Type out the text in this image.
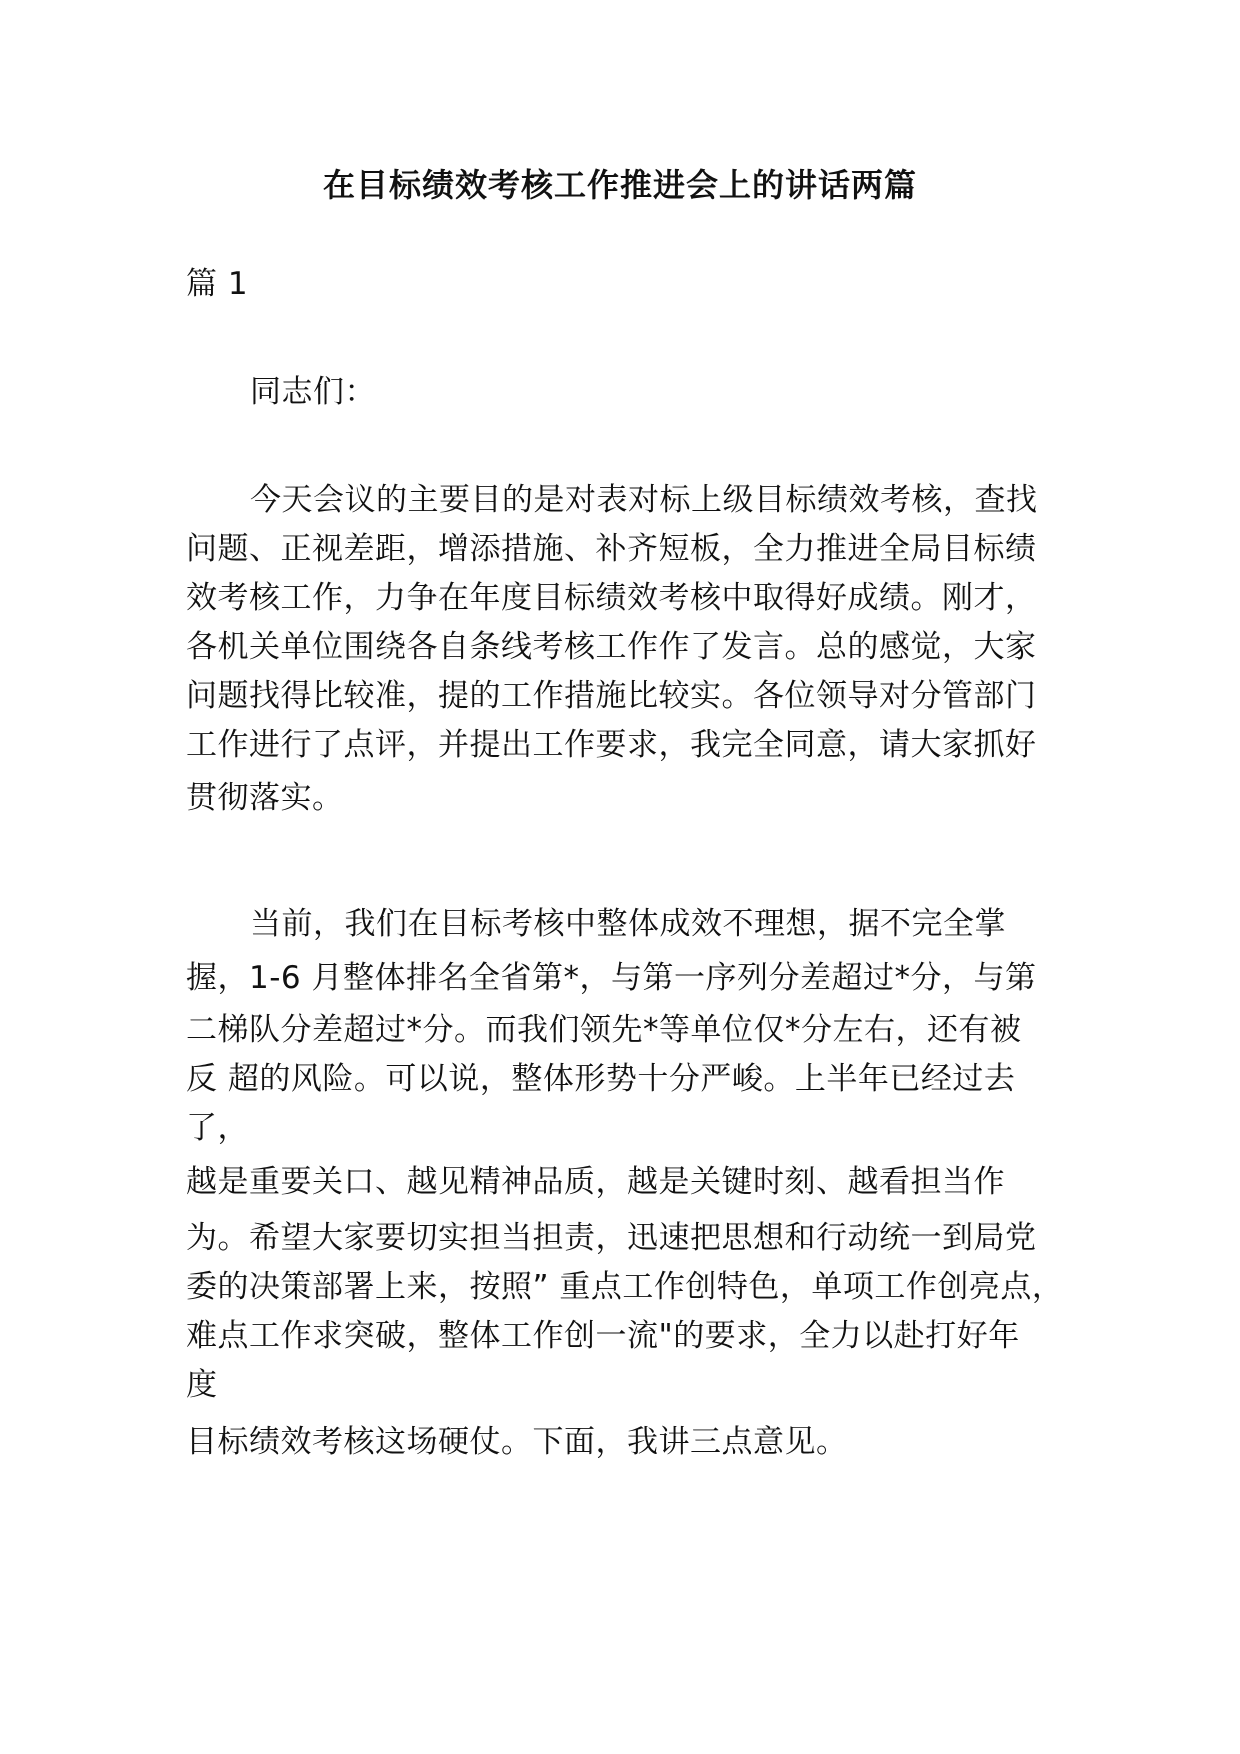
在目标绩效考核工作推进会上的讲话两篇
篇 1
同志们：
今天会议的主要目的是对表对标上级目标绩效考核，查找
问题、正视差距，增添措施、补齐短板，全力推进全局目标绩
效考核工作，力争在年度目标绩效考核中取得好成绩。刚才，
各机关单位围绕各自条线考核工作作了发言。总的感觉，大家
问题找得比较准，提的工作措施比较实。各位领导对分管部门
工作进行了点评，并提出工作要求，我完全同意，请大家抓好
贯彻落实。
当前，我们在目标考核中整体成效不理想，据不完全掌
握，1-6 月整体排名全省第*，与第一序列分差超过*分，与第
二梯队分差超过*分。而我们领先*等单位仅*分左右，还有被
反 超的风险。可以说，整体形势十分严峻。上半年已经过去
了，
越是重要关口、越见精神品质，越是关键时刻、越看担当作
为。希望大家要切实担当担责，迅速把思想和行动统一到局党
委的决策部署上来，按照” 重点工作创特色，单项工作创亮点，
难点工作求突破，整体工作创一流"的要求，全力以赴打好年
度
目标绩效考核这场硬仗。下面，我讲三点意见。
